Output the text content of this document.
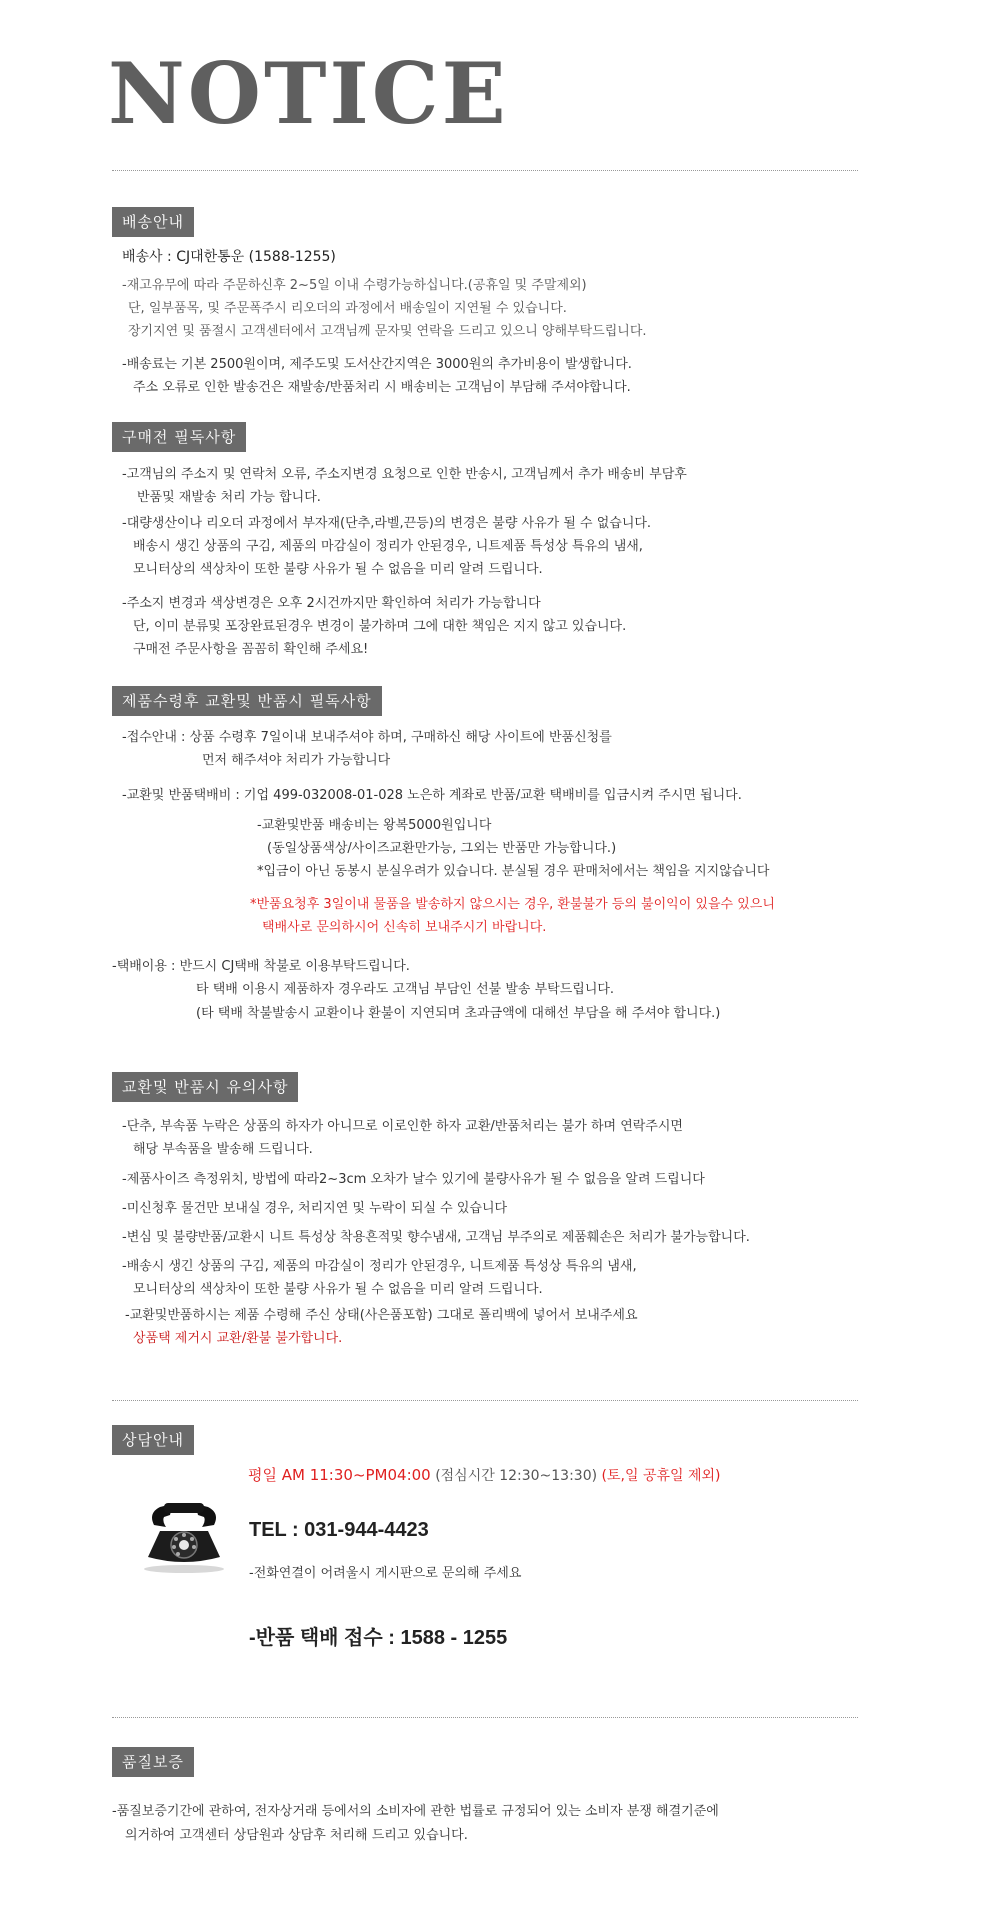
NOTICE
배송안내
배송사 : CJ대한통운 (1588-1255)
-재고유무에 따라 주문하신후 2~5일 이내 수령가능하십니다.(공휴일 및 주말제외)
단, 일부품목, 및 주문폭주시 리오더의 과정에서 배송일이 지연될 수 있습니다.
장기지연 및 품절시 고객센터에서 고객님께 문자및 연락을 드리고 있으니 양해부탁드립니다.
-배송료는 기본 2500원이며, 제주도및 도서산간지역은 3000원의 추가비용이 발생합니다.
주소 오류로 인한 발송건은 재발송/반품처리 시 배송비는 고객님이 부담해 주셔야합니다.
구매전 필독사항
-고객님의 주소지 및 연락처 오류, 주소지변경 요청으로 인한 반송시, 고객님께서 추가 배송비 부담후
반품및 재발송 처리 가능 합니다.
-대량생산이나 리오더 과정에서 부자재(단추,라벨,끈등)의 변경은 불량 사유가 될 수 없습니다.
배송시 생긴 상품의 구김, 제품의 마감실이 정리가 안된경우, 니트제품 특성상 특유의 냄새,
모니터상의 색상차이 또한 불량 사유가 될 수 없음을 미리 알려 드립니다.
-주소지 변경과 색상변경은 오후 2시건까지만 확인하여 처리가 가능합니다
단, 이미 분류및 포장완료된경우 변경이 불가하며 그에 대한 책임은 지지 않고 있습니다.
구매전 주문사항을 꼼꼼히 확인해 주세요!
제품수령후 교환및 반품시 필독사항
-접수안내 : 상품 수령후 7일이내 보내주셔야 하며, 구매하신 해당 사이트에 반품신청를
먼저 해주셔야 처리가 가능합니다
-교환및 반품택배비 : 기업 499-032008-01-028 노은하 계좌로 반품/교환 택배비를 입금시켜 주시면 됩니다.
-교환및반품 배송비는 왕복5000원입니다
(동일상품색상/사이즈교환만가능, 그외는 반품만 가능합니다.)
*입금이 아닌 동봉시 분실우려가 있습니다. 분실될 경우 판매처에서는 책임을 지지않습니다
*반품요청후 3일이내 물품을 발송하지 않으시는 경우, 환불불가 등의 불이익이 있을수 있으니
택배사로 문의하시어 신속히 보내주시기 바랍니다.
-택배이용 : 반드시 CJ택배 착불로 이용부탁드립니다.
타 택배 이용시 제품하자 경우라도 고객님 부담인 선불 발송 부탁드립니다.
(타 택배 착불발송시 교환이나 환불이 지연되며 초과금액에 대해선 부담을 해 주셔야 합니다.)
교환및 반품시 유의사항
-단추, 부속품 누락은 상품의 하자가 아니므로 이로인한 하자 교환/반품처리는 불가 하며 연락주시면
해당 부속품을 발송해 드립니다.
-제품사이즈 측정위치, 방법에 따라2~3cm 오차가 날수 있기에 불량사유가 될 수 없음을 알려 드립니다
-미신청후 물건만 보내실 경우, 처리지연 및 누락이 되실 수 있습니다
-변심 및 불량반품/교환시 니트 특성상 착용흔적및 향수냄새, 고객님 부주의로 제품훼손은 처리가 불가능합니다.
-배송시 생긴 상품의 구김, 제품의 마감실이 정리가 안된경우, 니트제품 특성상 특유의 냄새,
모니터상의 색상차이 또한 불량 사유가 될 수 없음을 미리 알려 드립니다.
-교환및반품하시는 제품 수령해 주신 상태(사은품포함) 그대로 폴리백에 넣어서 보내주세요
상품택 제거시 교환/환불 불가합니다.
상담안내
평일 AM 11:30~PM04:00 (점심시간 12:30~13:30) (토,일 공휴일 제외)
TEL : 031-944-4423
-전화연결이 어려울시 게시판으로 문의해 주세요
-반품 택배 접수 : 1588 - 1255
품질보증
-품질보증기간에 관하여, 전자상거래 등에서의 소비자에 관한 법률로 규정되어 있는 소비자 분쟁 해결기준에
의거하여 고객센터 상담원과 상담후 처리해 드리고 있습니다.
